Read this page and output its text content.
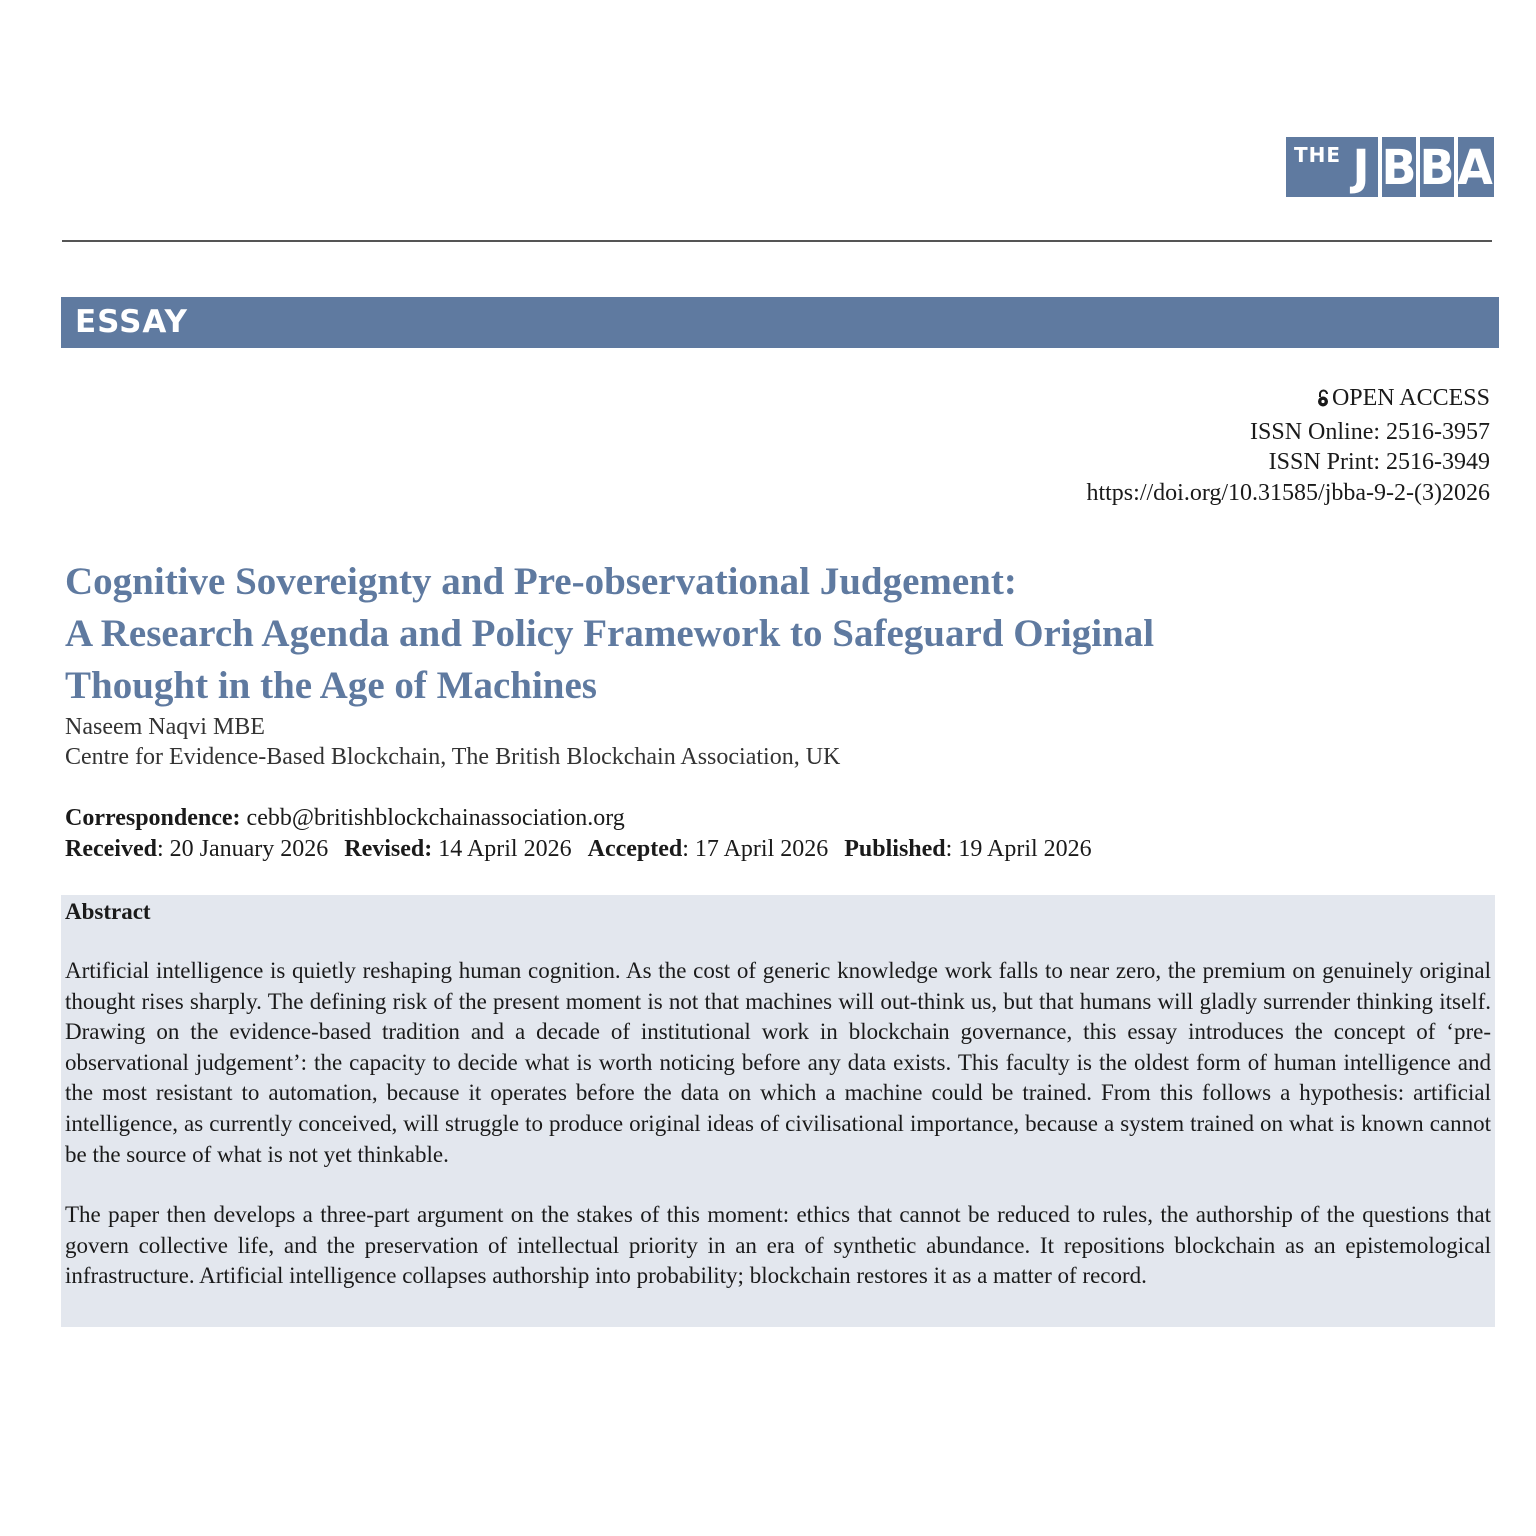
THE J B B A
ESSAY
OPEN ACCESS
ISSN Online: 2516-3957
ISSN Print: 2516-3949
https://doi.org/10.31585/jbba-9-2-(3)2026
Cognitive Sovereignty and Pre-observational Judgement:
A Research Agenda and Policy Framework to Safeguard Original
Thought in the Age of Machines
Naseem Naqvi MBE
Centre for Evidence-Based Blockchain, The British Blockchain Association, UK
Correspondence: cebb@britishblockchainassociation.org
Received: 20 January 2026 Revised: 14 April 2026 Accepted: 17 April 2026 Published: 19 April 2026
Abstract

Artificial intelligence is quietly reshaping human cognition. As the cost of generic knowledge work falls to near zero, the premium on genuinely original thought rises sharply. The defining risk of the present moment is not that machines will out-think us, but that humans will gladly surrender thinking itself. Drawing on the evidence-based tradition and a decade of institutional work in blockchain governance, this essay introduces the concept of ‘pre-observational judgement’: the capacity to decide what is worth noticing before any data exists. This faculty is the oldest form of human intelligence and the most resistant to automation, because it operates before the data on which a machine could be trained. From this follows a hypothesis: artificial intelligence, as currently conceived, will struggle to produce original ideas of civilisational importance, because a system trained on what is known cannot be the source of what is not yet thinkable.

The paper then develops a three-part argument on the stakes of this moment: ethics that cannot be reduced to rules, the authorship of the questions that govern collective life, and the preservation of intellectual priority in an era of synthetic abundance. It repositions blockchain as an epistemological infrastructure. Artificial intelligence collapses authorship into probability; blockchain restores it as a matter of record.
